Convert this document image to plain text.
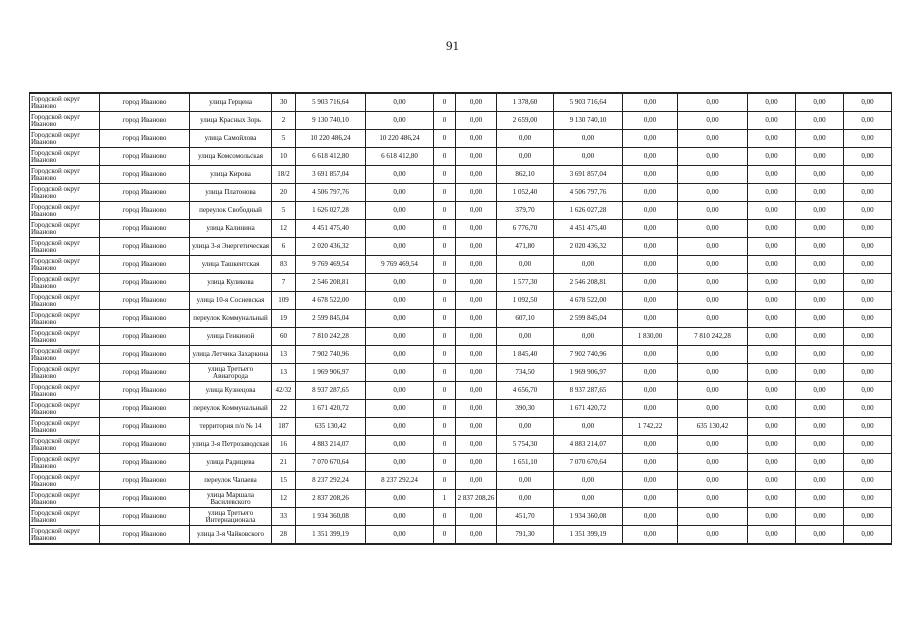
91
Городской округ Иваново	город Иваново	улица Герцена	30	5 903 716,64	0,00	0	0,00	1 378,60	5 903 716,64	0,00	0,00	0,00	0,00	0,00
Городской округ Иваново	город Иваново	улица Красных Зорь	2	9 130 740,10	0,00	0	0,00	2 659,00	9 130 740,10	0,00	0,00	0,00	0,00	0,00
Городской округ Иваново	город Иваново	улица Самойлова	5	10 220 486,24	10 220 486,24	0	0,00	0,00	0,00	0,00	0,00	0,00	0,00	0,00
Городской округ Иваново	город Иваново	улица Комсомольская	10	6 618 412,80	6 618 412,80	0	0,00	0,00	0,00	0,00	0,00	0,00	0,00	0,00
Городской округ Иваново	город Иваново	улица Кирова	18/2	3 691 857,04	0,00	0	0,00	862,10	3 691 857,04	0,00	0,00	0,00	0,00	0,00
Городской округ Иваново	город Иваново	улица Платонова	20	4 506 797,76	0,00	0	0,00	1 052,40	4 506 797,76	0,00	0,00	0,00	0,00	0,00
Городской округ Иваново	город Иваново	переулок Свободный	5	1 626 027,28	0,00	0	0,00	379,70	1 626 027,28	0,00	0,00	0,00	0,00	0,00
Городской округ Иваново	город Иваново	улица Калинина	12	4 451 475,40	0,00	0	0,00	6 776,70	4 451 475,40	0,00	0,00	0,00	0,00	0,00
Городской округ Иваново	город Иваново	улица 3-я Энергетическая	6	2 020 436,32	0,00	0	0,00	471,80	2 020 436,32	0,00	0,00	0,00	0,00	0,00
Городской округ Иваново	город Иваново	улица Ташкентская	83	9 769 469,54	9 769 469,54	0	0,00	0,00	0,00	0,00	0,00	0,00	0,00	0,00
Городской округ Иваново	город Иваново	улица Куликова	7	2 546 208,81	0,00	0	0,00	1 577,30	2 546 208,81	0,00	0,00	0,00	0,00	0,00
Городской округ Иваново	город Иваново	улица 10-я Сосневская	109	4 678 522,00	0,00	0	0,00	1 092,50	4 678 522,00	0,00	0,00	0,00	0,00	0,00
Городской округ Иваново	город Иваново	переулок Коммунальный	19	2 599 845,04	0,00	0	0,00	607,10	2 599 845,04	0,00	0,00	0,00	0,00	0,00
Городской округ Иваново	город Иваново	улица Генкиной	60	7 810 242,28	0,00	0	0,00	0,00	0,00	1 830,00	7 810 242,28	0,00	0,00	0,00
Городской округ Иваново	город Иваново	улица Летчика Захаркина	13	7 902 740,96	0,00	0	0,00	1 845,40	7 902 740,96	0,00	0,00	0,00	0,00	0,00
Городской округ Иваново	город Иваново	улица Третьего Авиагорода	13	1 969 906,97	0,00	0	0,00	734,50	1 969 906,97	0,00	0,00	0,00	0,00	0,00
Городской округ Иваново	город Иваново	улица Кузнецова	42/32	8 937 287,65	0,00	0	0,00	4 656,70	8 937 287,65	0,00	0,00	0,00	0,00	0,00
Городской округ Иваново	город Иваново	переулок Коммунальный	22	1 671 420,72	0,00	0	0,00	390,30	1 671 420,72	0,00	0,00	0,00	0,00	0,00
Городской округ Иваново	город Иваново	территория п/о № 14	187	635 130,42	0,00	0	0,00	0,00	0,00	1 742,22	635 130,42	0,00	0,00	0,00
Городской округ Иваново	город Иваново	улица 3-я Петрозаводская	16	4 883 214,07	0,00	0	0,00	5 754,30	4 883 214,07	0,00	0,00	0,00	0,00	0,00
Городской округ Иваново	город Иваново	улица Радищева	21	7 070 670,64	0,00	0	0,00	1 651,10	7 070 670,64	0,00	0,00	0,00	0,00	0,00
Городской округ Иваново	город Иваново	переулок Чапаева	15	8 237 292,24	8 237 292,24	0	0,00	0,00	0,00	0,00	0,00	0,00	0,00	0,00
Городской округ Иваново	город Иваново	улица Маршала Василевского	12	2 837 208,26	0,00	1	2 837 208,26	0,00	0,00	0,00	0,00	0,00	0,00	0,00
Городской округ Иваново	город Иваново	улица Третьего Интернационала	33	1 934 360,08	0,00	0	0,00	451,70	1 934 360,08	0,00	0,00	0,00	0,00	0,00
Городской округ Иваново	город Иваново	улица 3-я Чайковского	28	1 351 399,19	0,00	0	0,00	791,30	1 351 399,19	0,00	0,00	0,00	0,00	0,00
